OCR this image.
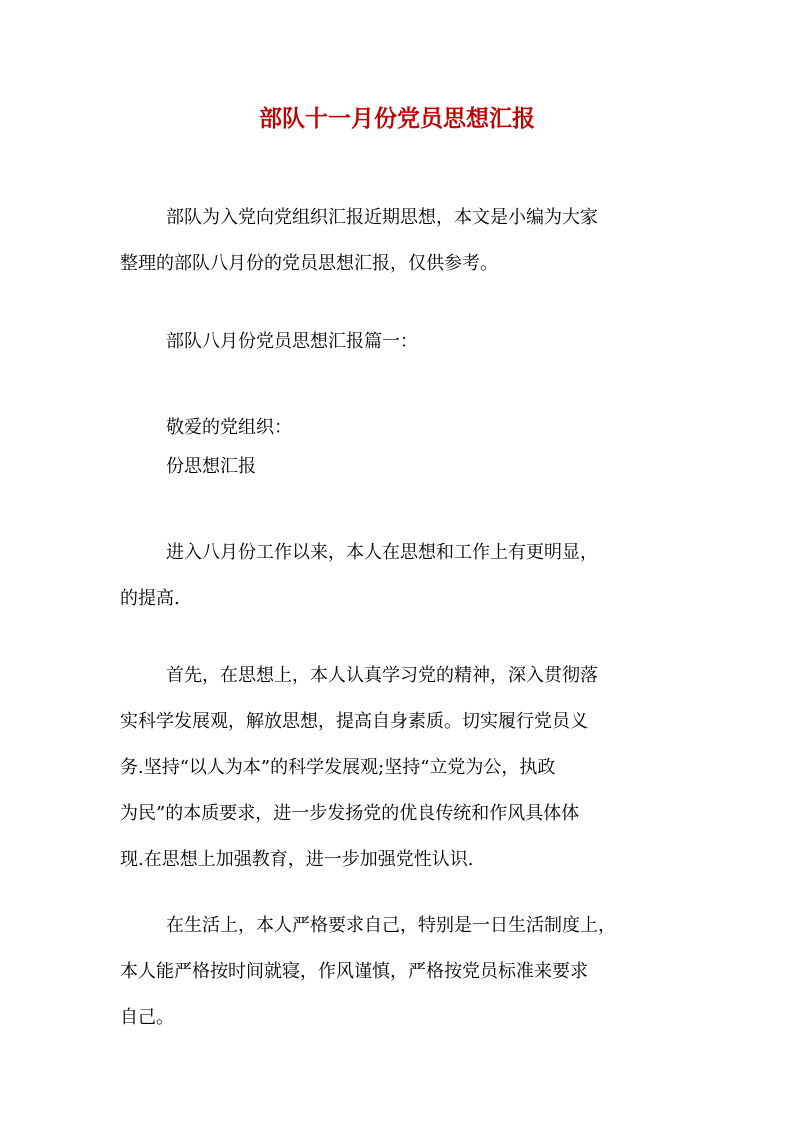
部队十一月份党员思想汇报

部队为入党向党组织汇报近期思想，本文是小编为大家
整理的部队八月份的党员思想汇报，仅供参考。

部队八月份党员思想汇报篇一：

敬爱的党组织：

份思想汇报

进入八月份工作以来，本人在思想和工作上有更明显，
的提高.

首先，在思想上，本人认真学习党的精神，深入贯彻落
实科学发展观，解放思想，提高自身素质。切实履行党员义
务.坚持“以人为本”的科学发展观;坚持“立党为公，执政
为民”的本质要求，进一步发扬党的优良传统和作风具体体
现.在思想上加强教育，进一步加强党性认识.

在生活上，本人严格要求自己，特别是一日生活制度上，
本人能严格按时间就寝，作风谨慎，严格按党员标准来要求
自己。
